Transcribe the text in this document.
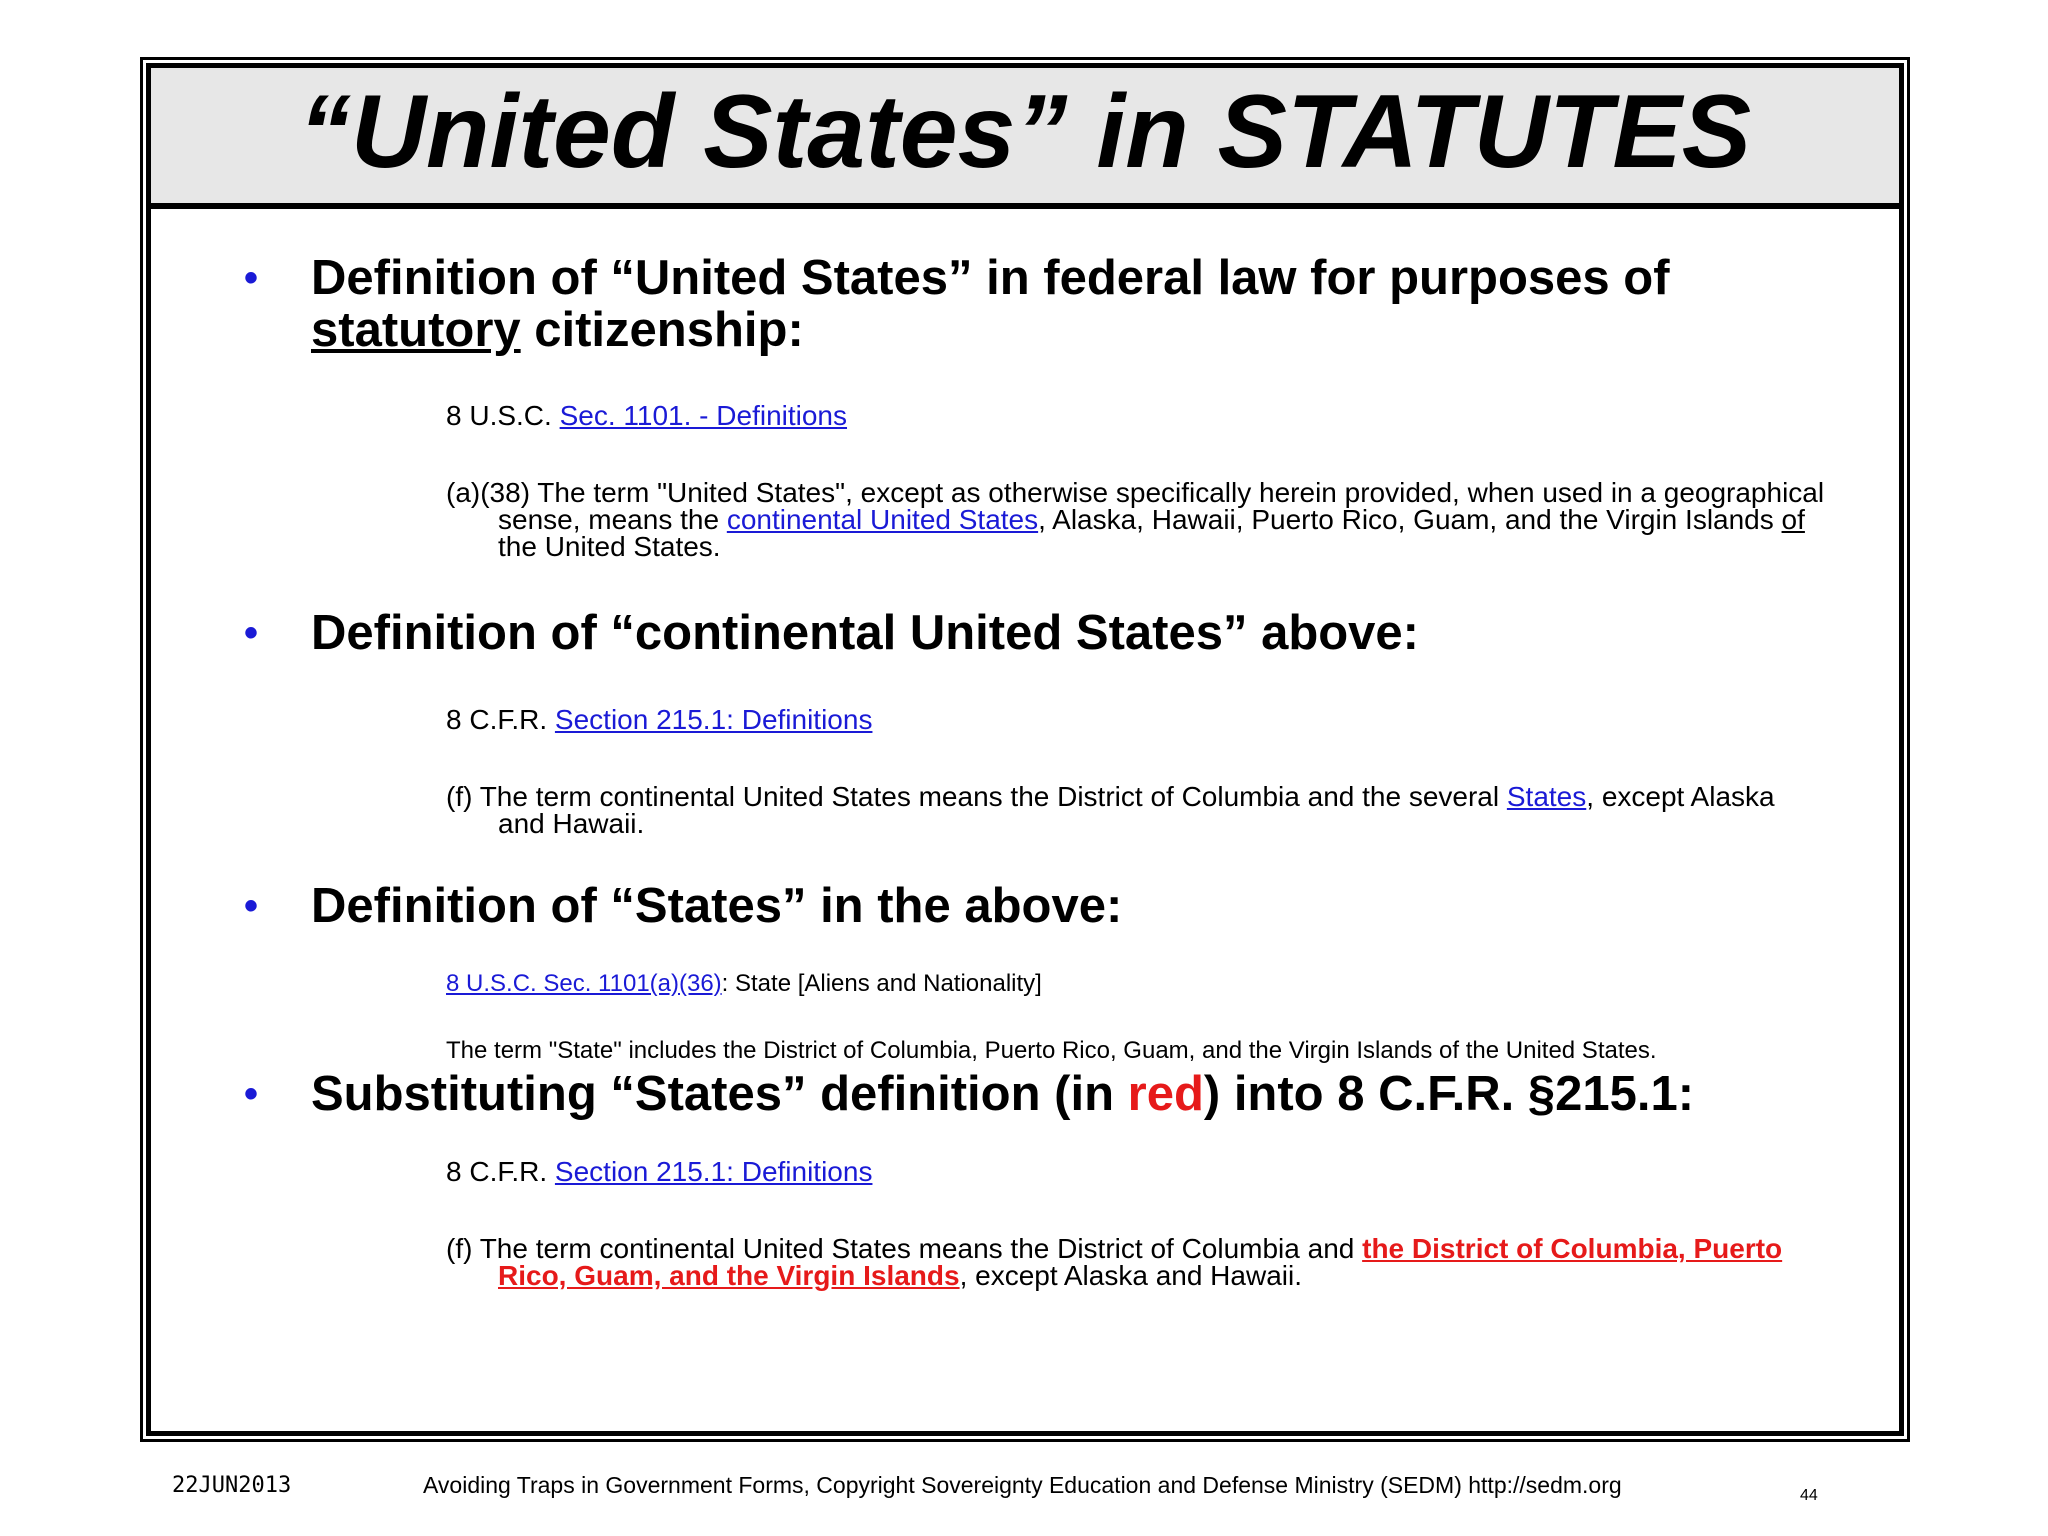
“United States” in STATUTES
• Definition of “United States” in federal law for purposes of
statutory citizenship:
8 U.S.C. Sec. 1101. - Definitions
(a)(38) The term "United States", except as otherwise specifically herein provided, when used in a geographical sense, means the continental United States, Alaska, Hawaii, Puerto Rico, Guam, and the Virgin Islands of the United States.
• Definition of “continental United States” above:
8 C.F.R. Section 215.1: Definitions
(f) The term continental United States means the District of Columbia and the several States, except Alaska and Hawaii.
• Definition of “States” in the above:
8 U.S.C. Sec. 1101(a)(36): State [Aliens and Nationality]
The term "State" includes the District of Columbia, Puerto Rico, Guam, and the Virgin Islands of the United States.
• Substituting “States” definition (in red) into 8 C.F.R. §215.1:
8 C.F.R. Section 215.1: Definitions
(f) The term continental United States means the District of Columbia and the District of Columbia, Puerto Rico, Guam, and the Virgin Islands, except Alaska and Hawaii.
22JUN2013	Avoiding Traps in Government Forms, Copyright Sovereignty Education and Defense Ministry (SEDM) http://sedm.org	44
